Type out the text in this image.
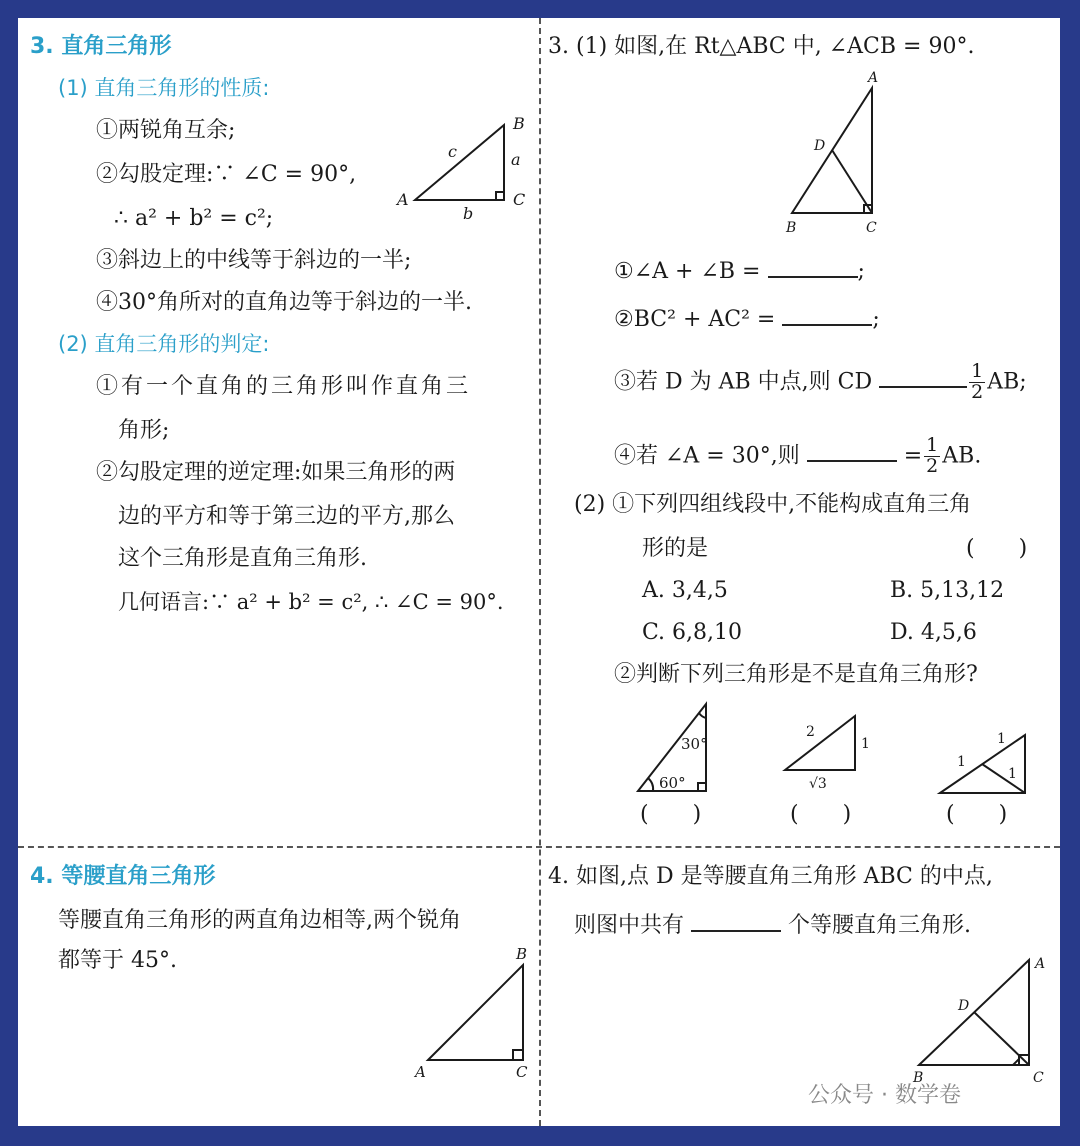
3. 直角三角形
(1) 直角三角形的性质:
①两锐角互余;
②勾股定理:∵ ∠C = 90°,
∴ a² + b² = c²;
③斜边上的中线等于斜边的一半;
④30°角所对的直角边等于斜边的一半.
A
B
C
a
b
c
(2) 直角三角形的判定:
①有一个直角的三角形叫作直角三
角形;
②勾股定理的逆定理:如果三角形的两
边的平方和等于第三边的平方,那么
这个三角形是直角三角形.
几何语言:∵ a² + b² = c², ∴ ∠C = 90°.
4. 等腰直角三角形
等腰直角三角形的两直角边相等,两个锐角
都等于 45°.
A
B
C
3. (1) 如图,在 Rt△ABC 中, ∠ACB = 90°.
A
B	C
D
①∠A + ∠B =	;
②BC² + AC² =	;
③若 D 为 AB 中点,则 CD	$\frac{1}{2}$ AB;
④若 ∠A = 30°,则	= $\frac{1}{2}$ AB.
(2) ①下列四组线段中,不能构成直角三角
形的是	(　　)
A. 3,4,5	B. 5,13,12
C. 6,8,10	D. 4,5,6
②判断下列三角形是不是直角三角形?
30°
60°
(　　)
2
1
√3
(　　)
1
1
1
(　　)
4. 如图,点 D 是等腰直角三角形 ABC 的中点,
则图中共有	个等腰直角三角形.
A
B	C
D
公众号 · 数学卷
